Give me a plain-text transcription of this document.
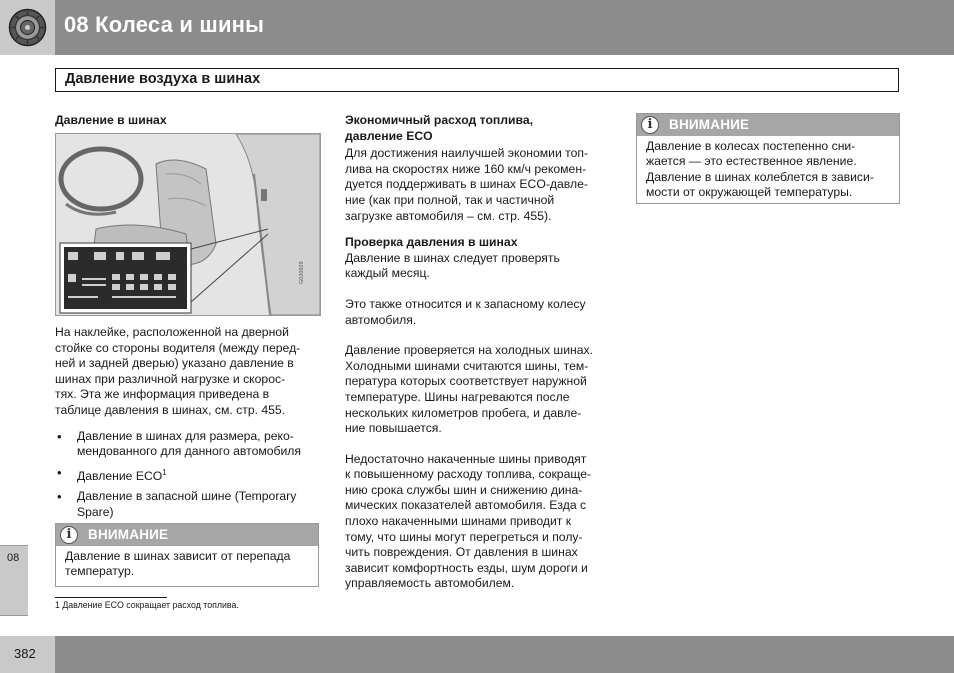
08 Колеса и шины
Давление воздуха в шинах
Давление в шинах
G020929

На наклейке, расположенной на дверной
стойке со стороны водителя (между перед-
ней и задней дверью) указано давление в
шинах при различной нагрузке и скорос-
тях. Эта же информация приведена в
таблице давления в шинах, см. стр. 455.

• Давление в шинах для размера, реко-
мендованного для данного автомобиля
• Давление ECO$^1$
• Давление в запасной шине (Temporary
Spare)
i	ВНИМАНИЕ
Давление в шинах зависит от перепада
температур.
1 Давление ECO сокращает расход топлива.
Экономичный расход топлива,
давление ECO

Для достижения наилучшей экономии топ-
лива на скоростях ниже 160 км/ч рекомен-
дуется поддерживать в шинах ECO-давле-
ние (как при полной, так и частичной
загрузке автомобиля – см. стр. 455).

Проверка давления в шинах

Давление в шинах следует проверять
каждый месяц.

Это также относится и к запасному колесу
автомобиля.

Давление проверяется на холодных шинах.
Холодными шинами считаются шины, тем-
пература которых соответствует наружной
температуре. Шины нагреваются после
нескольких километров пробега, и давле-
ние повышается.

Недостаточно накаченные шины приводят
к повышенному расходу топлива, сокраще-
нию срока службы шин и снижению дина-
мических показателей автомобиля. Езда с
плохо накаченными шинами приводит к
тому, что шины могут перегреться и полу-
чить повреждения. От давления в шинах
зависит комфортность езды, шум дороги и
управляемость автомобилем.

i	ВНИМАНИЕ
Давление в колесах постепенно сни-
жается — это естественное явление.
Давление в шинах колеблется в зависи-
мости от окружающей температуры.
08
382
